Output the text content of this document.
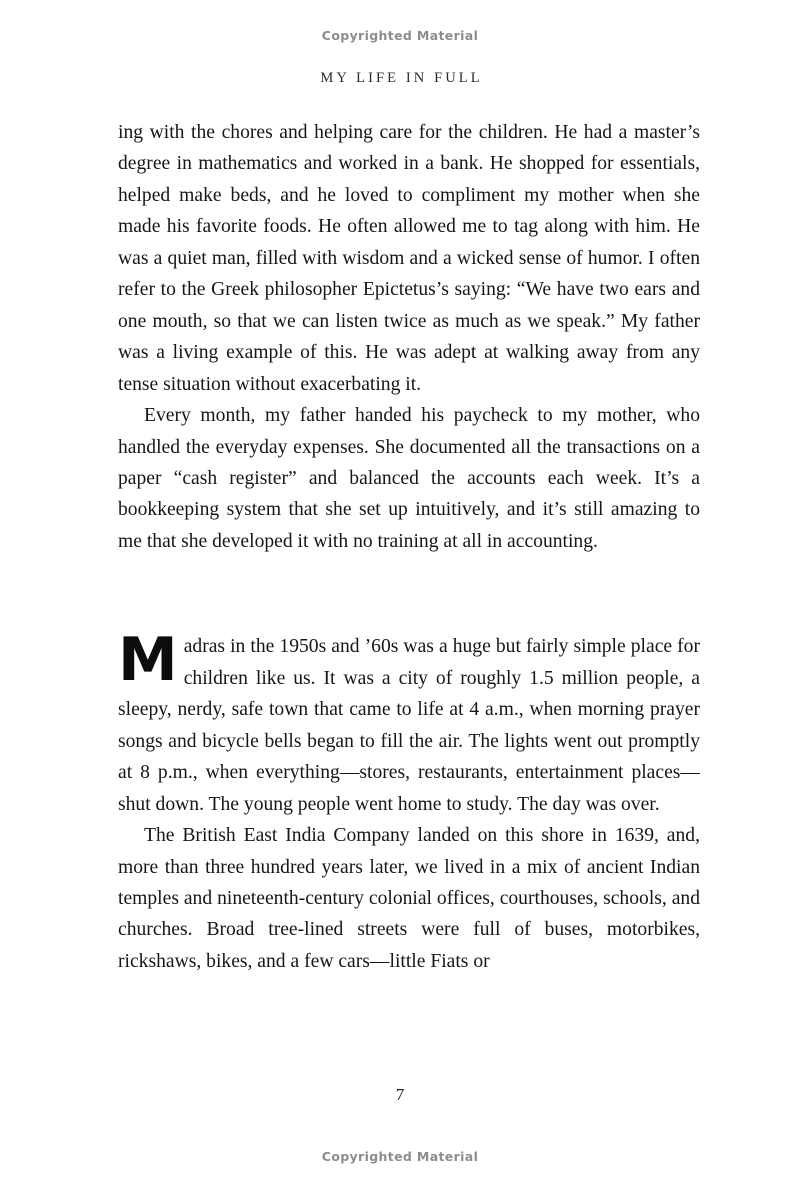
Copyrighted Material
MY LIFE IN FULL

ing with the chores and helping care for the children. He had a master’s degree in mathematics and worked in a bank. He shopped for essentials, helped make beds, and he loved to compliment my mother when she made his favorite foods. He often allowed me to tag along with him. He was a quiet man, filled with wisdom and a wicked sense of humor. I often refer to the Greek philosopher Epictetus’s saying: “We have two ears and one mouth, so that we can listen twice as much as we speak.” My father was a living example of this. He was adept at walking away from any tense situation without exacerbating it.

Every month, my father handed his paycheck to my mother, who handled the everyday expenses. She documented all the transactions on a paper “cash register” and balanced the accounts each week. It’s a bookkeeping system that she set up intuitively, and it’s still amazing to me that she developed it with no training at all in accounting.

Madras in the 1950s and ’60s was a huge but fairly simple place for children like us. It was a city of roughly 1.5 million people, a sleepy, nerdy, safe town that came to life at 4 a.m., when morning prayer songs and bicycle bells began to fill the air. The lights went out promptly at 8 p.m., when everything—stores, restaurants, entertainment places—shut down. The young people went home to study. The day was over.

The British East India Company landed on this shore in 1639, and, more than three hundred years later, we lived in a mix of ancient Indian temples and nineteenth-century colonial offices, courthouses, schools, and churches. Broad tree-lined streets were full of buses, motorbikes, rickshaws, bikes, and a few cars—little Fiats or

7
Copyrighted Material
